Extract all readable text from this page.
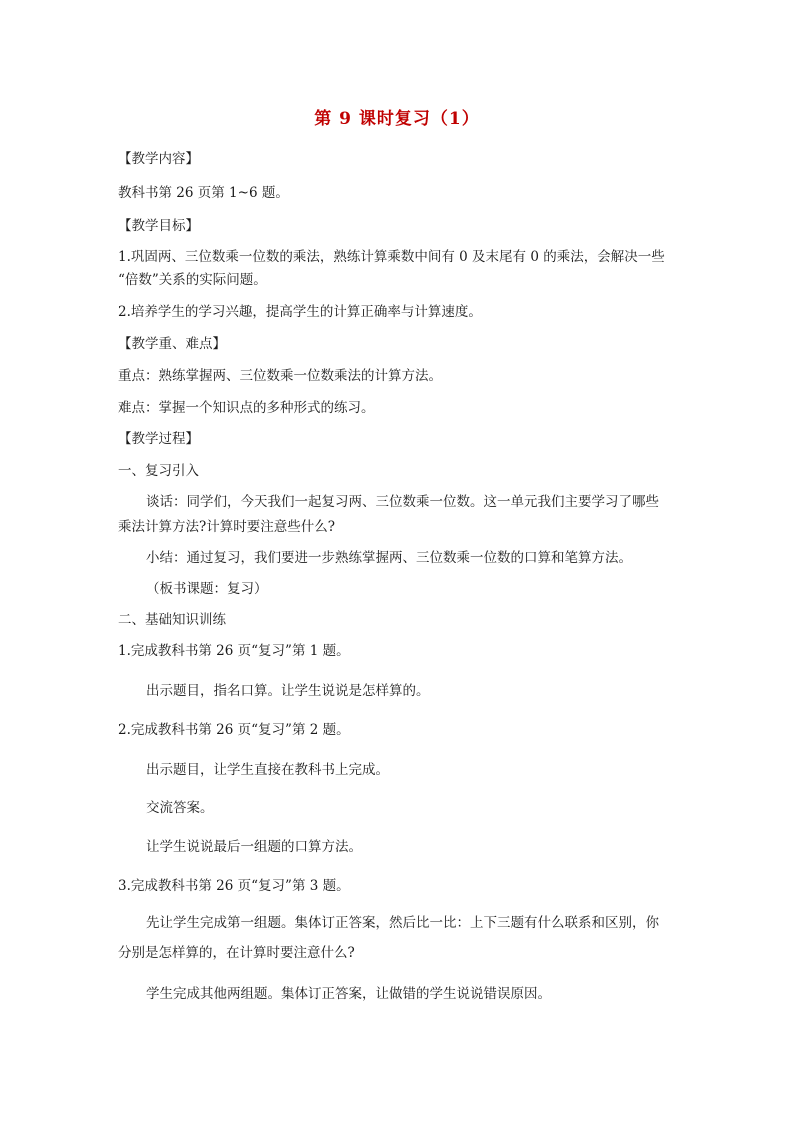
第 9 课时复习（1）
【教学内容】
教科书第 26 页第 1~6 题。
【教学目标】
1.巩固两、三位数乘一位数的乘法，熟练计算乘数中间有 0 及末尾有 0 的乘法，会解决一些
“倍数”关系的实际问题。
2.培养学生的学习兴趣，提高学生的计算正确率与计算速度。
【教学重、难点】
重点：熟练掌握两、三位数乘一位数乘法的计算方法。
难点：掌握一个知识点的多种形式的练习。
【教学过程】
一、复习引入
谈话：同学们，今天我们一起复习两、三位数乘一位数。这一单元我们主要学习了哪些
乘法计算方法?计算时要注意些什么?
小结：通过复习，我们要进一步熟练掌握两、三位数乘一位数的口算和笔算方法。
（板书课题：复习）
二、基础知识训练
1.完成教科书第 26 页“复习”第 1 题。
出示题目，指名口算。让学生说说是怎样算的。
2.完成教科书第 26 页“复习”第 2 题。
出示题目，让学生直接在教科书上完成。
交流答案。
让学生说说最后一组题的口算方法。
3.完成教科书第 26 页“复习”第 3 题。
先让学生完成第一组题。集体订正答案，然后比一比：上下三题有什么联系和区别，你
分别是怎样算的，在计算时要注意什么?
学生完成其他两组题。集体订正答案，让做错的学生说说错误原因。
